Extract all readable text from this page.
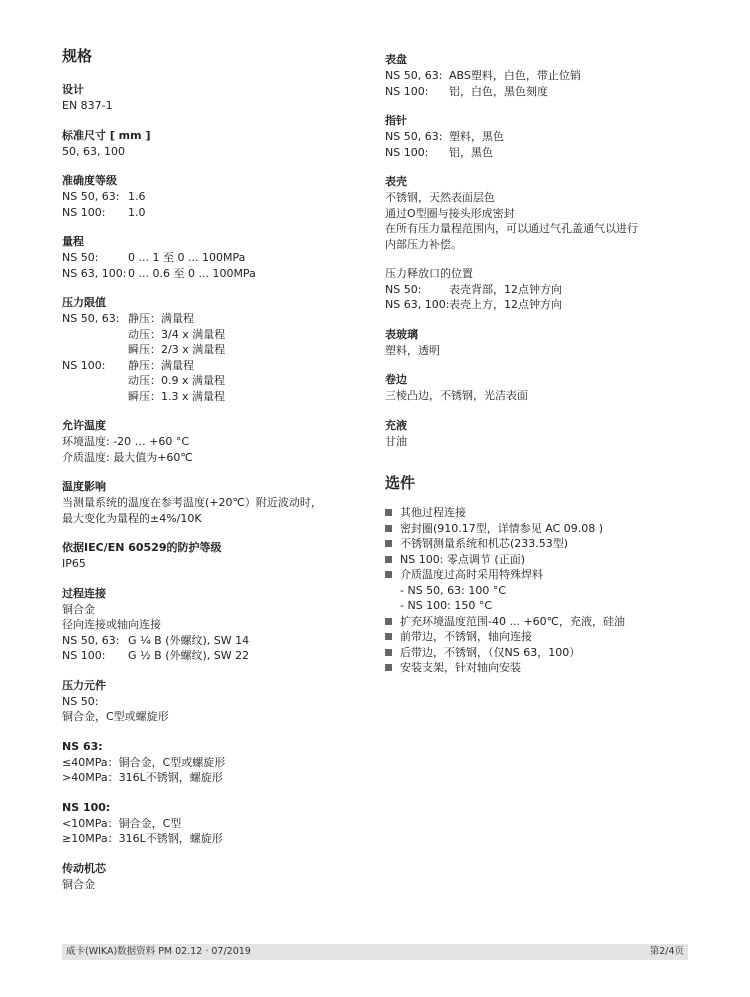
规格
设计
EN 837-1
标准尺寸 [ mm ]
50, 63, 100
准确度等级
NS 50, 63: 1.6
NS 100:	1.0
量程
NS 50:	0 ... 1 至 0 ... 100MPa
NS 63, 100: 0 ... 0.6 至 0 ... 100MPa
压力限值
NS 50, 63: 静压：满量程
动压：3/4 x 满量程
瞬压：2/3 x 满量程
NS 100:	静压：满量程
动压：0.9 x 满量程
瞬压：1.3 x 满量程
允许温度
环境温度: -20 … +60 °C
介质温度: 最大值为+60℃
温度影响
当测量系统的温度在参考温度(+20℃）附近波动时，
最大变化为量程的±4%/10K
依据IEC/EN 60529的防护等级
IP65
过程连接
铜合金
径向连接或轴向连接
NS 50, 63: G ¼ B (外螺纹), SW 14
NS 100:	G ½ B (外螺纹), SW 22
压力元件
NS 50:
铜合金，C型或螺旋形
NS 63:
≤40MPa：铜合金，C型或螺旋形
>40MPa：316L不锈钢，螺旋形
NS 100:
<10MPa：铜合金，C型
≥10MPa：316L不锈钢，螺旋形
传动机芯
铜合金
表盘
NS 50, 63: ABS塑料，白色，带止位销
NS 100:	铝，白色，黑色刻度
指针
NS 50, 63: 塑料，黑色
NS 100:	铝，黑色
表壳
不锈钢，天然表面层色
通过O型圈与接头形成密封
在所有压力量程范围内，可以通过气孔盖通气以进行
内部压力补偿。
压力释放口的位置
NS 50:	表壳背部，12点钟方向
NS 63, 100: 表壳上方，12点钟方向
表玻璃
塑料，透明
卷边
三棱凸边，不锈钢，光洁表面
充液
甘油
选件
其他过程连接
密封圈(910.17型，详情参见 AC 09.08 )
不锈钢测量系统和机芯(233.53型)
NS 100: 零点调节 (正面)
介质温度过高时采用特殊焊料
- NS 50, 63: 100 °C
- NS 100: 150 °C
扩充环境温度范围-40 ... +60℃，充液，硅油
前带边，不锈钢，轴向连接
后带边，不锈钢，（仅NS 63，100）
安装支架，针对轴向安装
威卡(WIKA)数据资料 PM 02.12 · 07/2019	第2/4页
